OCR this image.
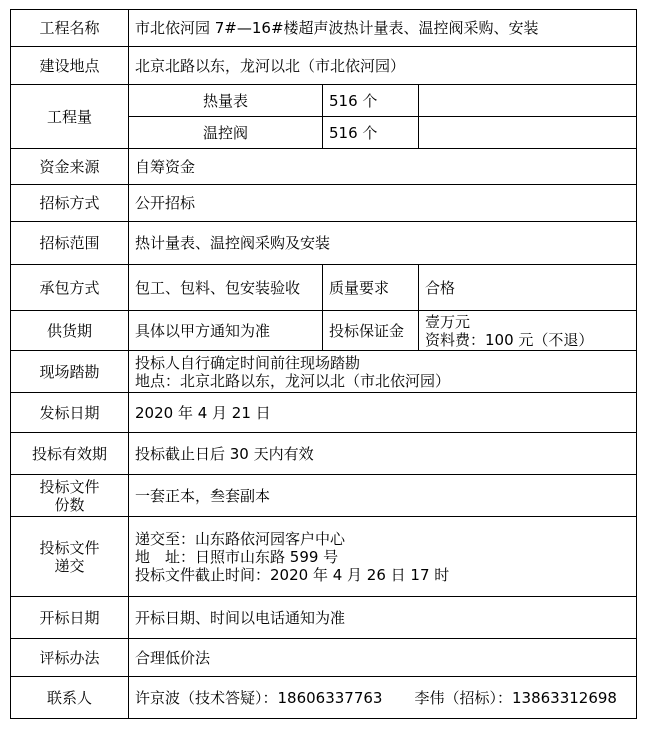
工程名称	市北依河园 7#—16#楼超声波热计量表、温控阀采购、安装		
建设地点	北京北路以东，龙河以北（市北依河园）		
工程量	热量表	516 个	
	温控阀	516 个	
资金来源	自筹资金		
招标方式	公开招标		
招标范围	热计量表、温控阀采购及安装		
承包方式	包工、包料、包安装验收	质量要求	合格
供货期	具体以甲方通知为准	投标保证金	壹万元
资料费：100 元（不退）

现场踏勘	投标人自行确定时间前往现场踏勘
地点：北京北路以东，龙河以北（市北依河园）		

发标日期	2020 年 4 月 21 日		
投标有效期	投标截止日后 30 天内有效		

投标文件
份数	一套正本，叁套副本		

投标文件
递交	递交至：山东路依河园客户中心
地　址：日照市山东路 599 号
投标文件截止时间：2020 年 4 月 26 日 17 时		

开标日期	开标日期、时间以电话通知为准		
评标办法	合理低价法		
联系人	许京波（技术答疑）：18606337763 李伟（招标）：13863312698		
